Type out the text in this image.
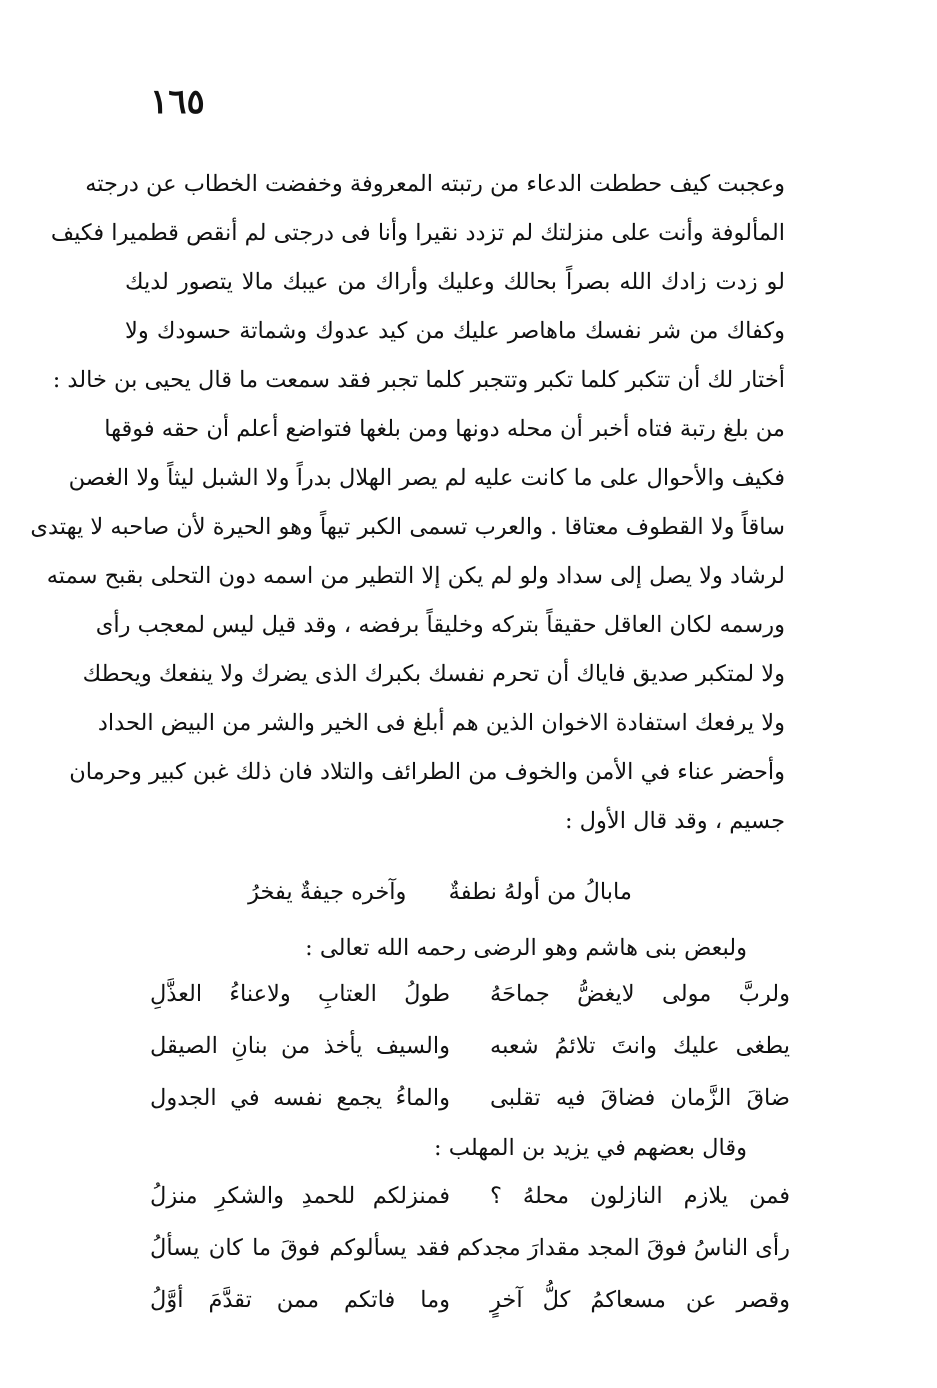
١٦٥
وعجبت كيف حططت الدعاء من رتبته المعروفة وخفضت الخطاب عن درجته
المألوفة وأنت على منزلتك لم تزدد نقيرا وأنا فى درجتى لم أنقص قطميرا فكيف
لو زدت زادك الله بصراً بحالك وعليك وأراك من عيبك مالا يتصور لديك
وكفاك من شر نفسك ماهاصر عليك من كيد عدوك وشماتة حسودك ولا
أختار لك أن تتكبر كلما تكبر وتتجبر كلما تجبر فقد سمعت ما قال يحيى بن خالد :
من بلغ رتبة فتاه أخبر أن محله دونها ومن بلغها فتواضع أعلم أن حقه فوقها
فكيف والأحوال على ما كانت عليه لم يصر الهلال بدراً ولا الشبل ليثاً ولا الغصن
ساقاً ولا القطوف معتاقا . والعرب تسمى الكبر تيهاً وهو الحيرة لأن صاحبه لا يهتدى
لرشاد ولا يصل إلى سداد ولو لم يكن إلا التطير من اسمه دون التحلى بقبح سمته
ورسمه لكان العاقل حقيقاً بتركه وخليقاً برفضه ، وقد قيل ليس لمعجب رأى
ولا لمتكبر صديق فاياك أن تحرم نفسك بكبرك الذى يضرك ولا ينفعك ويحطك
ولا يرفعك استفادة الاخوان الذين هم أبلغ فى الخير والشر من البيض الحداد
وأحضر عناء في الأمن والخوف من الطرائف والتلاد فان ذلك غبن كبير وحرمان
جسيم ، وقد قال الأول :
مابالُ من أولهُ نطفةٌ  وآخره جيفةٌ يفخرُ
ولبعض بنى هاشم وهو الرضى رحمه الله تعالى :
ولربَّ مولى لايغضُّ جماحَهُ
طولُ العتابِ ولاعناءُ العذَّلِ
يطغى عليك وانتَ تلائمُ شعبه
والسيف يأخذ من بنانِ الصيقل
ضاقَ الزَّمان فضاقَ فيه تقلبى
والماءُ يجمع نفسه في الجدول
وقال بعضهم في يزيد بن المهلب :
فمن يلازم النازلون محلهُ ؟
فمنزلكم للحمدِ والشكرِ منزلُ
رأى الناسُ فوقَ المجد مقدارَ مجدكم
فقد يسألوكم فوقَ ما كان يسألُ
وقصر عن مسعاكمُ كلُّ آخرٍ
وما فاتكم ممن تقدَّمَ أوَّلُ
